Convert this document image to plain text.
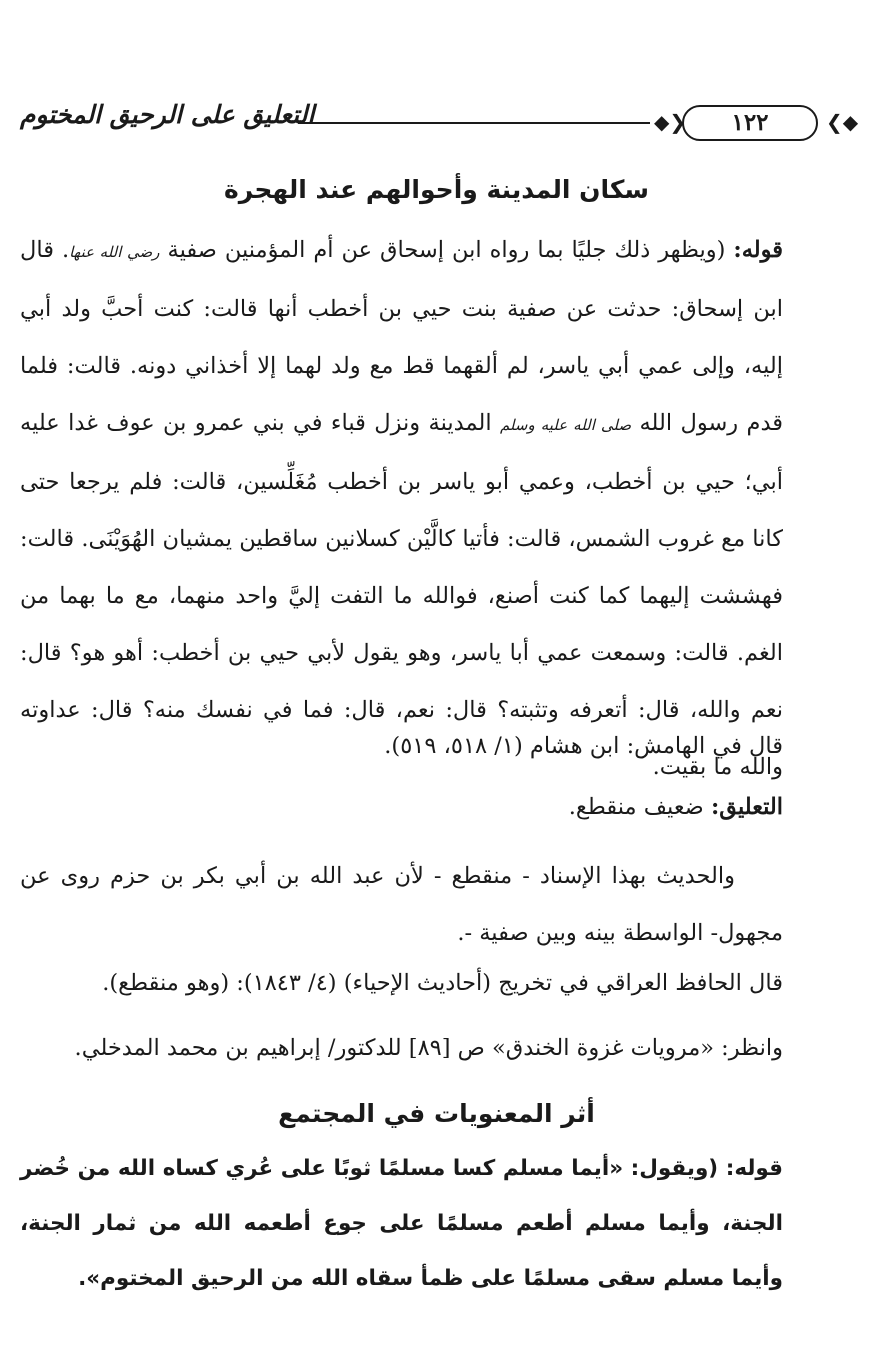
التعليق على الرحيق المختوم	◆❯	١٢٢	❮◆
سكان المدينة وأحوالهم عند الهجرة
قوله: (ويظهر ذلك جليًا بما رواه ابن إسحاق عن أم المؤمنين صفية رضي الله عنها. قال ابن إسحاق: حدثت عن صفية بنت حيي بن أخطب أنها قالت: كنت أحبَّ ولد أبي إليه، وإلى عمي أبي ياسر، لم ألقهما قط مع ولد لهما إلا أخذاني دونه. قالت: فلما قدم رسول الله صلى الله عليه وسلم المدينة ونزل قباء في بني عمرو بن عوف غدا عليه أبي؛ حيي بن أخطب، وعمي أبو ياسر بن أخطب مُغَلِّسين، قالت: فلم يرجعا حتى كانا مع غروب الشمس، قالت: فأتيا كالَّيْن كسلانين ساقطين يمشيان الهُوَيْنَى. قالت: فهششت إليهما كما كنت أصنع، فوالله ما التفت إليَّ واحد منهما، مع ما بهما من الغم. قالت: وسمعت عمي أبا ياسر، وهو يقول لأبي حيي بن أخطب: أهو هو؟ قال: نعم والله، قال: أتعرفه وتثبته؟ قال: نعم، قال: فما في نفسك منه؟ قال: عداوته والله ما بقيت.
قال في الهامش: ابن هشام (١/ ٥١٨، ٥١٩).
التعليق: ضعيف منقطع.
والحديث بهذا الإسناد - منقطع - لأن عبد الله بن أبي بكر بن حزم روى عن مجهول- الواسطة بينه وبين صفية -.
قال الحافظ العراقي في تخريج (أحاديث الإحياء) (٤/ ١٨٤٣): (وهو منقطع).
وانظر: «مرويات غزوة الخندق» ص [٨٩] للدكتور/ إبراهيم بن محمد المدخلي.
أثر المعنويات في المجتمع
قوله: (ويقول: «أيما مسلم كسا مسلمًا ثوبًا على عُري كساه الله من خُضر الجنة، وأيما مسلم أطعم مسلمًا على جوع أطعمه الله من ثمار الجنة، وأيما مسلم سقى مسلمًا على ظمأ سقاه الله من الرحيق المختوم».
